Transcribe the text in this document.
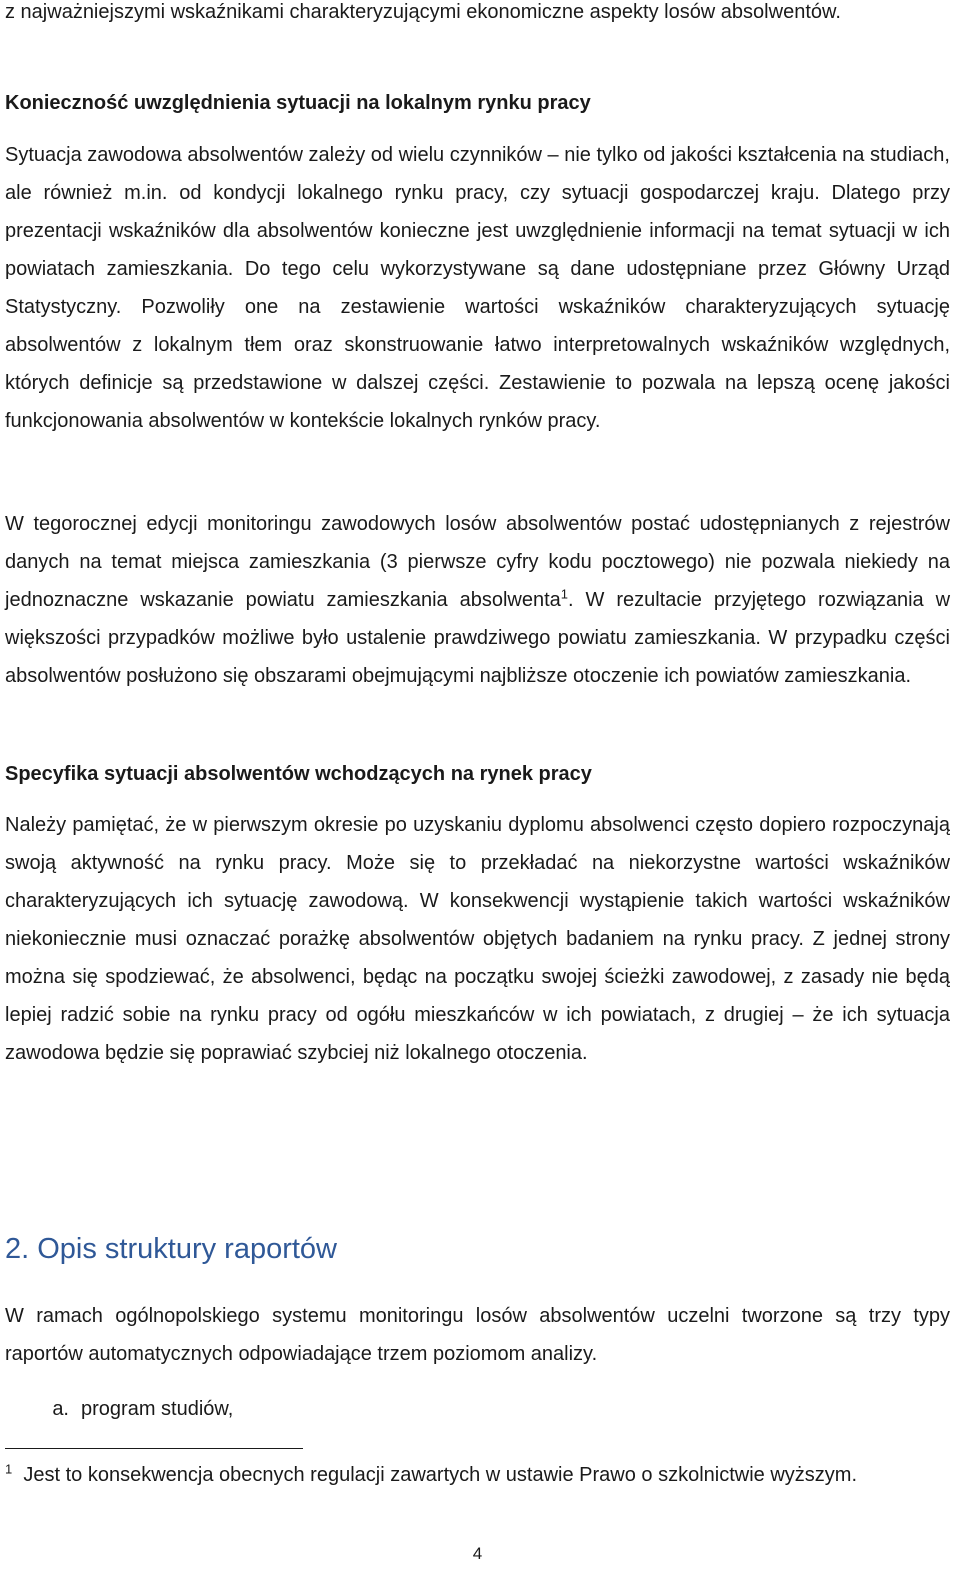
z najważniejszymi wskaźnikami charakteryzującymi ekonomiczne aspekty losów absolwentów.

Konieczność uwzględnienia sytuacji na lokalnym rynku pracy

Sytuacja zawodowa absolwentów zależy od wielu czynników – nie tylko od jakości kształcenia na studiach, ale również m.in. od kondycji lokalnego rynku pracy, czy sytuacji gospodarczej kraju. Dlatego przy prezentacji wskaźników dla absolwentów konieczne jest uwzględnienie informacji na temat sytuacji w ich powiatach zamieszkania. Do tego celu wykorzystywane są dane udostępniane przez Główny Urząd Statystyczny. Pozwoliły one na zestawienie wartości wskaźników charakteryzujących sytuację absolwentów z lokalnym tłem oraz skonstruowanie łatwo interpretowalnych wskaźników względnych, których definicje są przedstawione w dalszej części. Zestawienie to pozwala na lepszą ocenę jakości funkcjonowania absolwentów w kontekście lokalnych rynków pracy.

W tegorocznej edycji monitoringu zawodowych losów absolwentów postać udostępnianych z rejestrów danych na temat miejsca zamieszkania (3 pierwsze cyfry kodu pocztowego) nie pozwala niekiedy na jednoznaczne wskazanie powiatu zamieszkania absolwenta$^1$. W rezultacie przyjętego rozwiązania w większości przypadków możliwe było ustalenie prawdziwego powiatu zamieszkania. W przypadku części absolwentów posłużono się obszarami obejmującymi najbliższe otoczenie ich powiatów zamieszkania.

Specyfika sytuacji absolwentów wchodzących na rynek pracy

Należy pamiętać, że w pierwszym okresie po uzyskaniu dyplomu absolwenci często dopiero rozpoczynają swoją aktywność na rynku pracy. Może się to przekładać na niekorzystne wartości wskaźników charakteryzujących ich sytuację zawodową. W konsekwencji wystąpienie takich wartości wskaźników niekoniecznie musi oznaczać porażkę absolwentów objętych badaniem na rynku pracy. Z jednej strony można się spodziewać, że absolwenci, będąc na początku swojej ścieżki zawodowej, z zasady nie będą lepiej radzić sobie na rynku pracy od ogółu mieszkańców w ich powiatach, z drugiej – że ich sytuacja zawodowa będzie się poprawiać szybciej niż lokalnego otoczenia.

2. Opis struktury raportów

W ramach ogólnopolskiego systemu monitoringu losów absolwentów uczelni tworzone są trzy typy raportów automatycznych odpowiadające trzem poziomom analizy.

a. program studiów,
$^1$ Jest to konsekwencja obecnych regulacji zawartych w ustawie Prawo o szkolnictwie wyższym.
4
